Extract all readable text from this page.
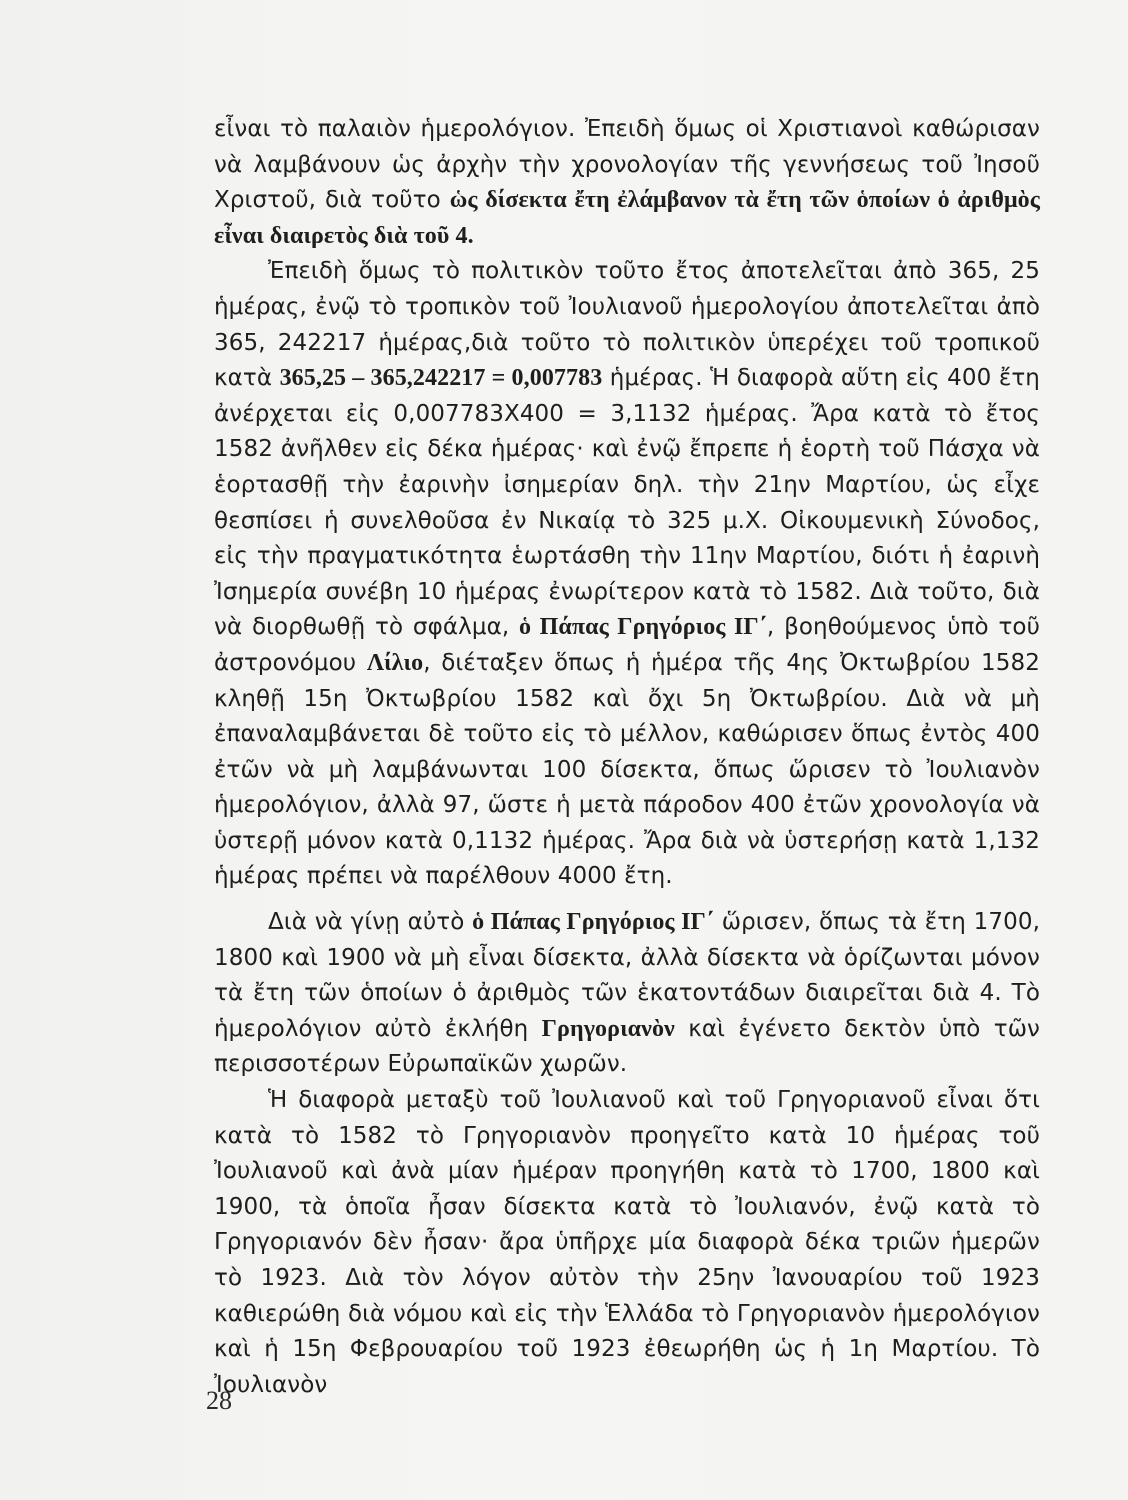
εἶναι τὸ παλαιὸν ἡμερολόγιον. Ἐπειδὴ ὅμως οἱ Χριστιανοὶ καθώρισαν νὰ λαμβάνουν ὡς ἀρχὴν τὴν χρονολογίαν τῆς γεννήσεως τοῦ Ἰησοῦ Χριστοῦ, διὰ τοῦτο ὡς δίσεκτα ἔτη ἐλάμβανον τὰ ἔτη τῶν ὁποίων ὁ ἀριθμὸς εἶναι διαιρετὸς διὰ τοῦ 4.

Ἐπειδὴ ὅμως τὸ πολιτικὸν τοῦτο ἔτος ἀποτελεῖται ἀπὸ 365, 25 ἡμέρας, ἐνῷ τὸ τροπικὸν τοῦ Ἰουλιανοῦ ἡμερολογίου ἀποτελεῖται ἀπὸ 365, 242217 ἡμέρας,διὰ τοῦτο τὸ πολιτικὸν ὑπερέχει τοῦ τροπικοῦ κατὰ 365,25 – 365,242217 = 0,007783 ἡμέρας. Ἡ διαφορὰ αὕτη εἰς 400 ἔτη ἀνέρχεται εἰς 0,007783Χ400 = 3,1132 ἡμέρας. Ἄρα κατὰ τὸ ἔτος 1582 ἀνῆλθεν εἰς δέκα ἡμέρας· καὶ ἐνῷ ἔπρεπε ἡ ἑορτὴ τοῦ Πάσχα νὰ ἑορτασθῇ τὴν ἐαρινὴν ἰσημερίαν δηλ. τὴν 21ην Μαρτίου, ὡς εἶχε θεσπίσει ἡ συνελθοῦσα ἐν Νικαίᾳ τὸ 325 μ.Χ. Οἰκουμενικὴ Σύνοδος, εἰς τὴν πραγματικότητα ἑωρτάσθη τὴν 11ην Μαρτίου, διότι ἡ ἐαρινὴ Ἰσημερία συνέβη 10 ἡμέρας ἐνωρίτερον κατὰ τὸ 1582. Διὰ τοῦτο, διὰ νὰ διορθωθῇ τὸ σφάλμα, ὁ Πάπας Γρηγόριος ΙΓ΄, βοηθούμενος ὑπὸ τοῦ ἀστρονόμου Λίλιο, διέταξεν ὅπως ἡ ἡμέρα τῆς 4ης Ὀκτωβρίου 1582 κληθῇ 15η Ὀκτωβρίου 1582 καὶ ὄχι 5η Ὀκτωβρίου. Διὰ νὰ μὴ ἐπαναλαμβάνεται δὲ τοῦτο εἰς τὸ μέλλον, καθώρισεν ὅπως ἐντὸς 400 ἐτῶν νὰ μὴ λαμβάνωνται 100 δίσεκτα, ὅπως ὥρισεν τὸ Ἰουλιανὸν ἡμερολόγιον, ἀλλὰ 97, ὥστε ἡ μετὰ πάροδον 400 ἐτῶν χρονολογία νὰ ὑστερῇ μόνον κατὰ 0,1132 ἡμέρας. Ἄρα διὰ νὰ ὑστερήσῃ κατὰ 1,132 ἡμέρας πρέπει νὰ παρέλθουν 4000 ἔτη.

Διὰ νὰ γίνῃ αὐτὸ ὁ Πάπας Γρηγόριος ΙΓ΄ ὥρισεν, ὅπως τὰ ἔτη 1700, 1800 καὶ 1900 νὰ μὴ εἶναι δίσεκτα, ἀλλὰ δίσεκτα νὰ ὁρίζωνται μόνον τὰ ἔτη τῶν ὁποίων ὁ ἀριθμὸς τῶν ἑκατοντάδων διαιρεῖται διὰ 4. Τὸ ἡμερολόγιον αὐτὸ ἐκλήθη Γρηγοριανὸν καὶ ἐγένετο δεκτὸν ὑπὸ τῶν περισσοτέρων Εὐρωπαϊκῶν χωρῶν.

Ἡ διαφορὰ μεταξὺ τοῦ Ἰουλιανοῦ καὶ τοῦ Γρηγοριανοῦ εἶναι ὅτι κατὰ τὸ 1582 τὸ Γρηγοριανὸν προηγεῖτο κατὰ 10 ἡμέρας τοῦ Ἰουλιανοῦ καὶ ἀνὰ μίαν ἡμέραν προηγήθη κατὰ τὸ 1700, 1800 καὶ 1900, τὰ ὁποῖα ἦσαν δίσεκτα κατὰ τὸ Ἰουλιανόν, ἐνῷ κατὰ τὸ Γρηγοριανόν δὲν ἦσαν· ἄρα ὑπῆρχε μία διαφορὰ δέκα τριῶν ἡμερῶν τὸ 1923. Διὰ τὸν λόγον αὐτὸν τὴν 25ην Ἰανουαρίου τοῦ 1923 καθιερώθη διὰ νόμου καὶ εἰς τὴν Ἑλλάδα τὸ Γρηγοριανὸν ἡμερολόγιον καὶ ἡ 15η Φεβρουαρίου τοῦ 1923 ἐθεωρήθη ὡς ἡ 1η Μαρτίου. Τὸ Ἰουλιανὸν

28
